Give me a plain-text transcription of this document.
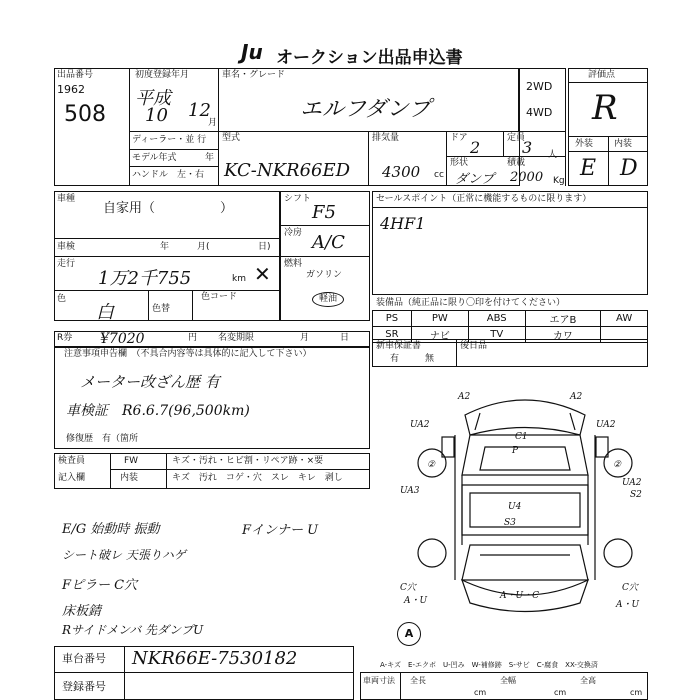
Ju オークション出品申込書
出品番号
1962
508
初度登録年月
平成
10 12
月
ディーラー・並 行
モデル年式	年
ハンドル　左・右
車名・グレード
エルフダンプ
型式
KC-NKR66ED
排気量
4300 cc
ドア 2	定員
3 人
形状
ダンプ
積載
2000 Kg
2WD
4WD
評価点
R
外装 内装
E D
車種
自家用（　　　　　）
車検	年	月(	日)
走行
1万2千755	km ✕
色
白	色替
色コード
シフト
F5
冷房 A/C
燃料
ガソリン
軽油
セールスポイント（正常に機能するものに限ります）
4HF1
装備品（純正品に限り〇印を付けてください）
PS	PW	ABS	エアB	AW
SR	ナビ	TV	カワ	
新車保証書
有	無
後日品
R券 ¥7020	円 名変期限	月	日
注意事項申告欄　（不具合内容等は具体的に記入して下さい）
メーター改ざん歴 有
車検証　R6.6.7(96,500km)
修復歴　有（箇所
検査員
記入欄
FW
内装
キズ・汚れ・ヒビ割・リペア跡・×要
キズ　汚れ　コゲ・穴　スレ　キレ　剥し
E/G 始動時 振動
シート破レ 天張りハゲ
Fピラー C穴
床板錆
Rサイドメンバ 先ダンプU
Fインナー U
A2	A2
UA2	UA2
C1
P
UA3
UA2
S2
U4
S3
C穴
A・U	A・U・C
C穴
A・U
②	②
A
車台番号 NKR66E-7530182
登録番号
A-キズ　E-エクボ　U-凹み　W-補修跡　S-サビ　C-腐食　XX-交換済
車両寸法 全長	全幅	全高
cm	cm	cm
